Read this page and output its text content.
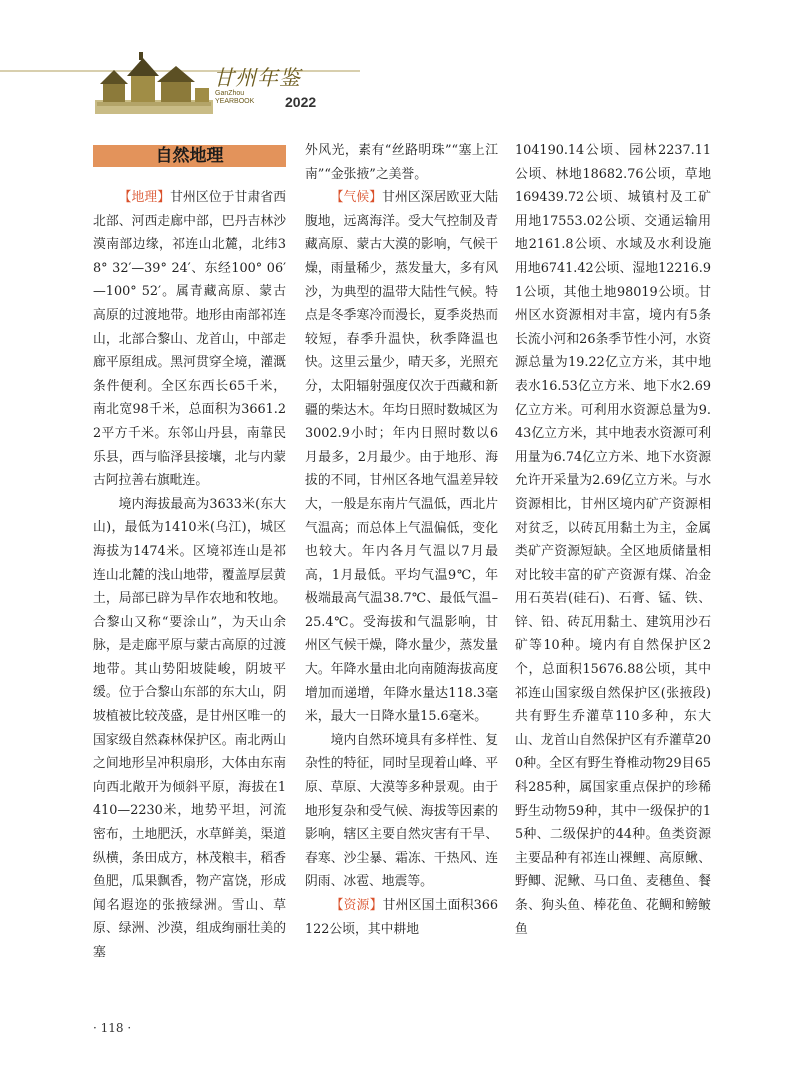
甘州年鉴
GanZhou
YEARBOOK 2022
自然地理

【地理】甘州区位于甘肃省西北部、河西走廊中部，巴丹吉林沙漠南部边缘，祁连山北麓，北纬38° 32′—39° 24′、东经100° 06′—100° 52′。属青藏高原、蒙古高原的过渡地带。地形由南部祁连山，北部合黎山、龙首山，中部走廊平原组成。黑河贯穿全境，灌溉条件便利。全区东西长65千米，南北宽98千米，总面积为3661.22平方千米。东邻山丹县，南靠民乐县，西与临泽县接壤，北与内蒙古阿拉善右旗毗连。

境内海拔最高为3633米(东大山)，最低为1410米(乌江)，城区海拔为1474米。区境祁连山是祁连山北麓的浅山地带，覆盖厚层黄土，局部已辟为旱作农地和牧地。合黎山又称“要涂山”，为天山余脉，是走廊平原与蒙古高原的过渡地带。其山势阳坡陡峻，阴坡平缓。位于合黎山东部的东大山，阴坡植被比较茂盛，是甘州区唯一的国家级自然森林保护区。南北两山之间地形呈冲积扇形，大体由东南向西北敞开为倾斜平原，海拔在1410—2230米，地势平坦，河流密布，土地肥沃，水草鲜美，渠道纵横，条田成方，林茂粮丰，稻香鱼肥，瓜果飘香，物产富饶，形成闻名遐迩的张掖绿洲。雪山、草原、绿洲、沙漠，组成绚丽壮美的塞

外风光，素有“丝路明珠”“塞上江南”“金张掖”之美誉。

【气候】甘州区深居欧亚大陆腹地，远离海洋。受大气控制及青藏高原、蒙古大漠的影响，气候干燥，雨量稀少，蒸发量大，多有风沙，为典型的温带大陆性气候。特点是冬季寒冷而漫长，夏季炎热而较短，春季升温快，秋季降温也快。这里云量少，晴天多，光照充分，太阳辐射强度仅次于西藏和新疆的柴达木。年均日照时数城区为3002.9小时；年内日照时数以6月最多，2月最少。由于地形、海拔的不同，甘州区各地气温差异较大，一般是东南片气温低，西北片气温高；而总体上气温偏低，变化也较大。年内各月气温以7月最高，1月最低。平均气温9℃，年极端最高气温38.7℃、最低气温–25.4℃。受海拔和气温影响，甘州区气候干燥，降水量少，蒸发量大。年降水量由北向南随海拔高度增加而递增，年降水量达118.3毫米，最大一日降水量15.6毫米。

境内自然环境具有多样性、复杂性的特征，同时呈现着山峰、平原、草原、大漠等多种景观。由于地形复杂和受气候、海拔等因素的影响，辖区主要自然灾害有干旱、春寒、沙尘暴、霜冻、干热风、连阴雨、冰雹、地震等。

【资源】甘州区国土面积366122公顷，其中耕地

104190.14公顷、园林2237.11公顷、林地18682.76公顷，草地169439.72公顷、城镇村及工矿用地17553.02公顷、交通运输用地2161.8公顷、水域及水利设施用地6741.42公顷、湿地12216.91公顷，其他土地98019公顷。甘州区水资源相对丰富，境内有5条长流小河和26条季节性小河，水资源总量为19.22亿立方米，其中地表水16.53亿立方米、地下水2.69亿立方米。可利用水资源总量为9.43亿立方米，其中地表水资源可利用量为6.74亿立方米、地下水资源允许开采量为2.69亿立方米。与水资源相比，甘州区境内矿产资源相对贫乏，以砖瓦用黏土为主，金属类矿产资源短缺。全区地质储量相对比较丰富的矿产资源有煤、冶金用石英岩(硅石)、石膏、锰、铁、锌、铅、砖瓦用黏土、建筑用沙石矿等10种。境内有自然保护区2个，总面积15676.88公顷，其中祁连山国家级自然保护区(张掖段)共有野生乔灌草110多种，东大山、龙首山自然保护区有乔灌草200种。全区有野生脊椎动物29目65科285种，属国家重点保护的珍稀野生动物59种，其中一级保护的15种、二级保护的44种。鱼类资源主要品种有祁连山裸鲤、高原鳅、野鲫、泥鳅、马口鱼、麦穗鱼、餐条、狗头鱼、棒花鱼、花鲷和鳑鲏鱼

· 118 ·
